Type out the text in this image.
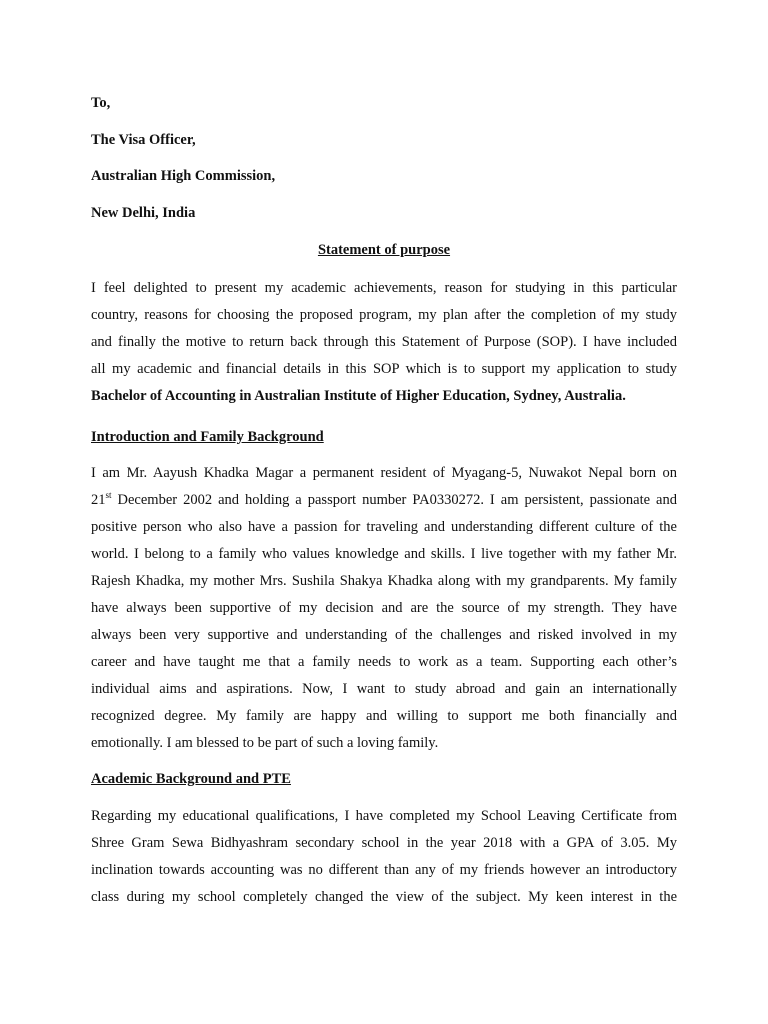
To,
The Visa Officer,
Australian High Commission,
New Delhi, India
Statement of purpose
I feel delighted to present my academic achievements, reason for studying in this particular
country, reasons for choosing the proposed program, my plan after the completion of my study
and finally the motive to return back through this Statement of Purpose (SOP). I have included
all my academic and financial details in this SOP which is to support my application to study
Bachelor of Accounting in Australian Institute of Higher Education, Sydney, Australia.
Introduction and Family Background
I am Mr. Aayush Khadka Magar a permanent resident of Myagang-5, Nuwakot Nepal born on
21st December 2002 and holding a passport number PA0330272. I am persistent, passionate and
positive person who also have a passion for traveling and understanding different culture of the
world. I belong to a family who values knowledge and skills. I live together with my father Mr.
Rajesh Khadka, my mother Mrs. Sushila Shakya Khadka along with my grandparents. My family
have always been supportive of my decision and are the source of my strength. They have
always been very supportive and understanding of the challenges and risked involved in my
career and have taught me that a family needs to work as a team. Supporting each other’s
individual aims and aspirations. Now, I want to study abroad and gain an internationally
recognized degree. My family are happy and willing to support me both financially and
emotionally. I am blessed to be part of such a loving family.
Academic Background and PTE
Regarding my educational qualifications, I have completed my School Leaving Certificate from
Shree Gram Sewa Bidhyashram secondary school in the year 2018 with a GPA of 3.05. My
inclination towards accounting was no different than any of my friends however an introductory
class during my school completely changed the view of the subject. My keen interest in the
